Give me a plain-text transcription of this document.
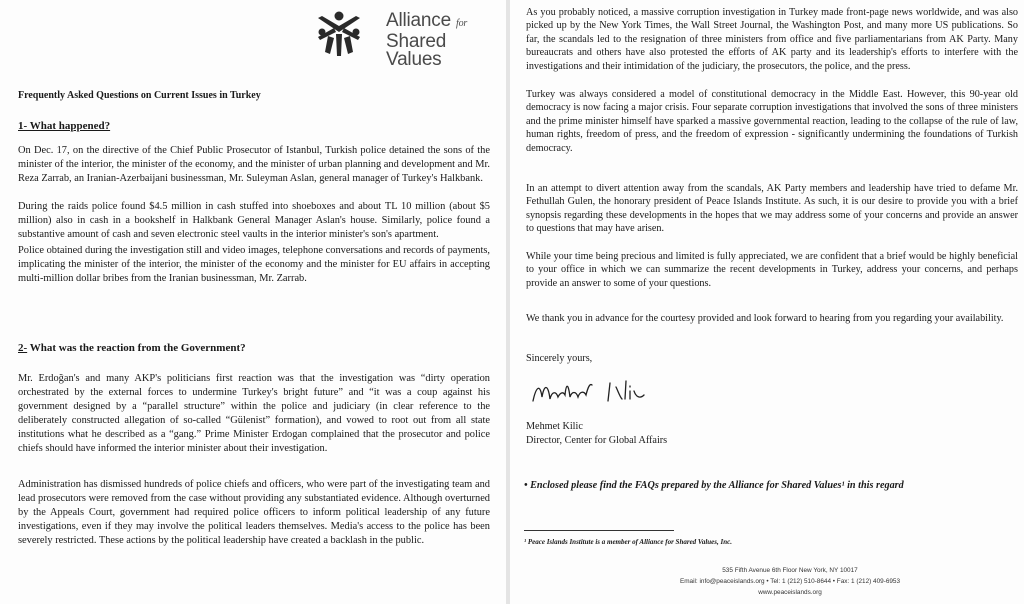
Alliance for
Shared Values
Frequently Asked Questions on Current Issues in Turkey
1- What happened?

On Dec. 17, on the directive of the Chief Public Prosecutor of Istanbul, Turkish police detained the sons of the minister of the interior, the minister of the economy, and the minister of urban planning and development and Mr. Reza Zarrab, an Iranian-Azerbaijani businessman, Mr. Suleyman Aslan, general manager of Turkey's Halkbank.

During the raids police found $4.5 million in cash stuffed into shoeboxes and about TL 10 million (about $5 million) also in cash in a bookshelf in Halkbank General Manager Aslan's house. Similarly, police found a substantive amount of cash and seven electronic steel vaults in the interior minister's son's apartment.

Police obtained during the investigation still and video images, telephone conversations and records of payments, implicating the minister of the interior, the minister of the economy and the minister for EU affairs in accepting multi-million dollar bribes from the Iranian businessman, Mr. Zarrab.

2- What was the reaction from the Government?

Mr. Erdoğan's and many AKP's politicians first reaction was that the investigation was “dirty operation orchestrated by the external forces to undermine Turkey's bright future” and “it was a coup against his government designed by a “parallel structure” within the police and judiciary (in clear reference to the deliberately constructed allegation of so-called “Gülenist” formation), and vowed to root out from all state institutions what he described as a “gang.” Prime Minister Erdogan complained that the prosecutor and police chiefs should have informed the interior minister about their investigation.

Administration has dismissed hundreds of police chiefs and officers, who were part of the investigating team and lead prosecutors were removed from the case without providing any substantiated evidence. Although overturned by the Appeals Court, government had required police officers to inform political leadership of any future investigations, even if they may involve the political leaders themselves. Media's access to the police has been severely restricted. These actions by the political leadership have created a backlash in the public.

As you probably noticed, a massive corruption investigation in Turkey made front-page news worldwide, and was also picked up by the New York Times, the Wall Street Journal, the Washington Post, and many more US publications. So far, the scandals led to the resignation of three ministers from office and five parliamentarians from AK Party. Many bureaucrats and others have also protested the efforts of AK party and its leadership's efforts to interfere with the investigations and their intimidation of the judiciary, the prosecutors, the police, and the press.

Turkey was always considered a model of constitutional democracy in the Middle East. However, this 90-year old democracy is now facing a major crisis. Four separate corruption investigations that involved the sons of three ministers and the prime minister himself have sparked a massive governmental reaction, leading to the collapse of the rule of law, human rights, freedom of press, and the freedom of expression - significantly undermining the foundations of Turkish democracy.

In an attempt to divert attention away from the scandals, AK Party members and leadership have tried to defame Mr. Fethullah Gulen, the honorary president of Peace Islands Institute. As such, it is our desire to provide you with a brief synopsis regarding these developments in the hopes that we may address some of your concerns and provide an answer to questions that may have arisen.

While your time being precious and limited is fully appreciated, we are confident that a brief would be highly beneficial to your office in which we can summarize the recent developments in Turkey, address your concerns, and perhaps provide an answer to some of your questions.

We thank you in advance for the courtesy provided and look forward to hearing from you regarding your availability.

Sincerely yours,
Mehmet Kilic
Director, Center for Global Affairs
• Enclosed please find the FAQs prepared by the Alliance for Shared Values¹ in this regard
¹ Peace Islands Institute is a member of Alliance for Shared Values, Inc.
535 Fifth Avenue 6th Floor New York, NY 10017
Email: info@peaceislands.org • Tel: 1 (212) 510-8644 • Fax: 1 (212) 409-6953
www.peaceislands.org
